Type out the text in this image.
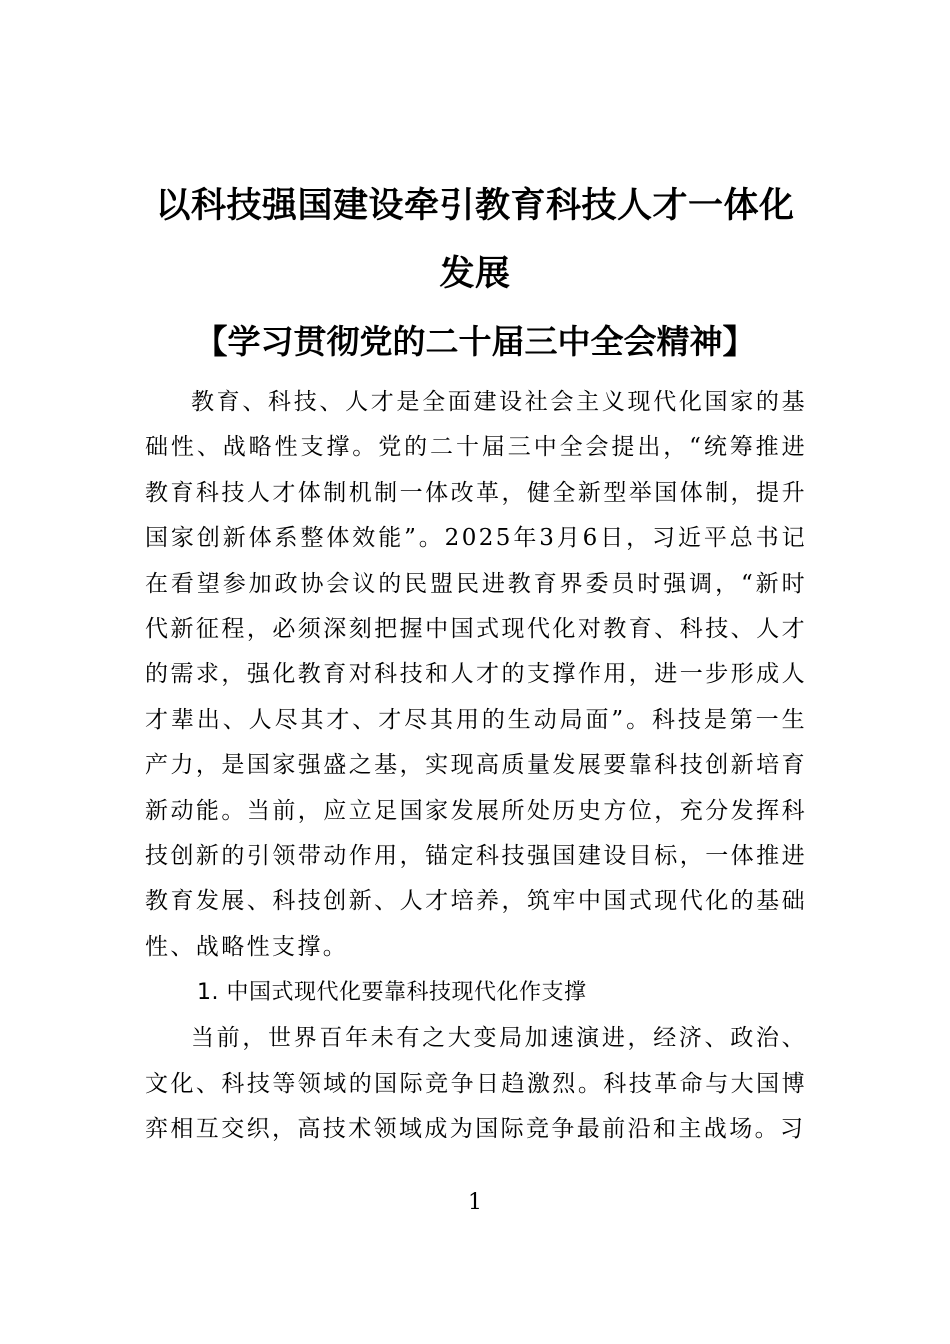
以科技强国建设牵引教育科技人才一体化
发展
【学习贯彻党的二十届三中全会精神】

教育、科技、人才是全面建设社会主义现代化国家的基础性、战略性支撑。党的二十届三中全会提出，“统筹推进教育科技人才体制机制一体改革，健全新型举国体制，提升国家创新体系整体效能”。2025年3月6日，习近平总书记在看望参加政协会议的民盟民进教育界委员时强调，“新时代新征程，必须深刻把握中国式现代化对教育、科技、人才的需求，强化教育对科技和人才的支撑作用，进一步形成人才辈出、人尽其才、才尽其用的生动局面”。科技是第一生产力，是国家强盛之基，实现高质量发展要靠科技创新培育新动能。当前，应立足国家发展所处历史方位，充分发挥科技创新的引领带动作用，锚定科技强国建设目标，一体推进教育发展、科技创新、人才培养，筑牢中国式现代化的基础性、战略性支撑。

1. 中国式现代化要靠科技现代化作支撑

当前，世界百年未有之大变局加速演进，经济、政治、文化、科技等领域的国际竞争日趋激烈。科技革命与大国博弈相互交织，高技术领域成为国际竞争最前沿和主战场。习

1
